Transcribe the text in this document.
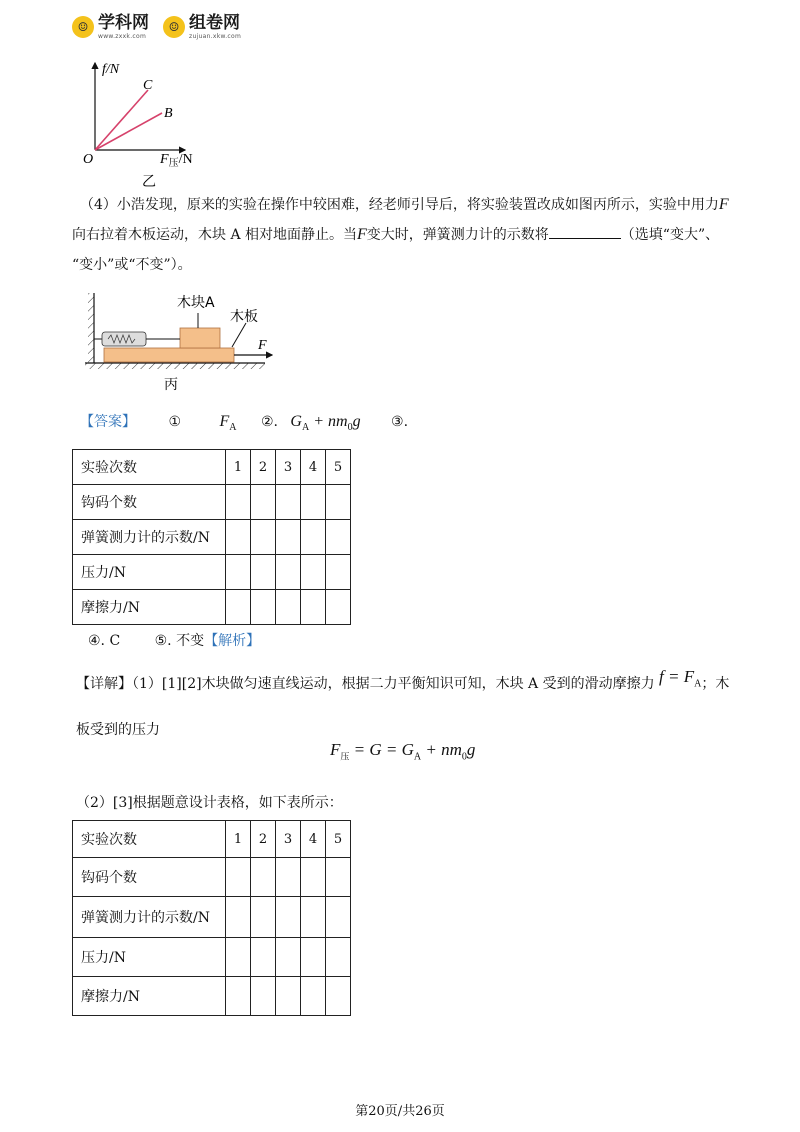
☺ 学科网
www.zxxk.com
☺ 组卷网
zujuan.xkw.com
f/N
C
B
O	$F_压/N$
乙
（4）小浩发现，原来的实验在操作中较困难，经老师引导后，将实验装置改成如图丙所示，实验中用力F
向右拉着木板运动，木块 A 相对地面静止。当F变大时，弹簧测力计的示数将	（选填“变大”、
“变小”或“不变”）。
木块A
木板
F
丙
【答案】 ① $F_A$ ②. $G_A + nm_0g$ ③.
实验次数	1	2	3	4	5
钩码个数					
弹簧测力计的示数/N					
压力/N					
摩擦力/N					
④. C ⑤. 不变【解析】
【详解】（1）[1][2]木块做匀速直线运动，根据二力平衡知识可知，木块 A 受到的滑动摩擦力 $f = F_A$；木
板受到的压力
$F_压 = G = G_A + nm_0g$
（2）[3]根据题意设计表格，如下表所示：
实验次数	1	2	3	4	5
钩码个数					
弹簧测力计的示数/N					
压力/N					
摩擦力/N					
第20页/共26页
